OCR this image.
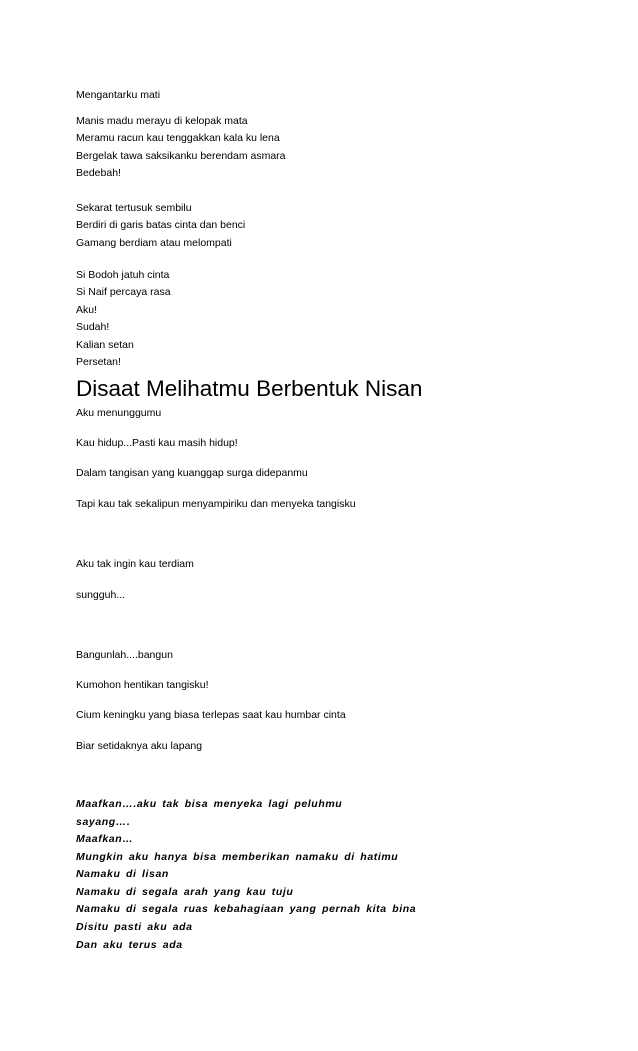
Mengantarku mati
Manis madu merayu di kelopak mata
Meramu racun kau tenggakkan kala ku lena
Bergelak tawa saksikanku berendam asmara
Bedebah!
Sekarat tertusuk sembilu
Berdiri di garis batas cinta dan benci
Gamang berdiam atau melompati
Si Bodoh jatuh cinta
Si Naif percaya rasa
Aku!
Sudah!
Kalian setan
Persetan!
Disaat Melihatmu Berbentuk Nisan
Aku menunggumu
Kau hidup...Pasti kau masih hidup!
Dalam tangisan yang kuanggap surga didepanmu
Tapi kau tak sekalipun menyampiriku dan menyeka tangisku
Aku tak ingin kau terdiam
sungguh...
Bangunlah....bangun
Kumohon hentikan tangisku!
Cium keningku yang biasa terlepas saat kau humbar cinta
Biar setidaknya aku lapang
Maafkan….aku tak bisa menyeka lagi peluhmu
sayang….
Maafkan…
Mungkin aku hanya bisa memberikan namaku di hatimu
Namaku di lisan
Namaku di segala arah yang kau tuju
Namaku di segala ruas kebahagiaan yang pernah kita bina
Disitu pasti aku ada
Dan aku terus ada
